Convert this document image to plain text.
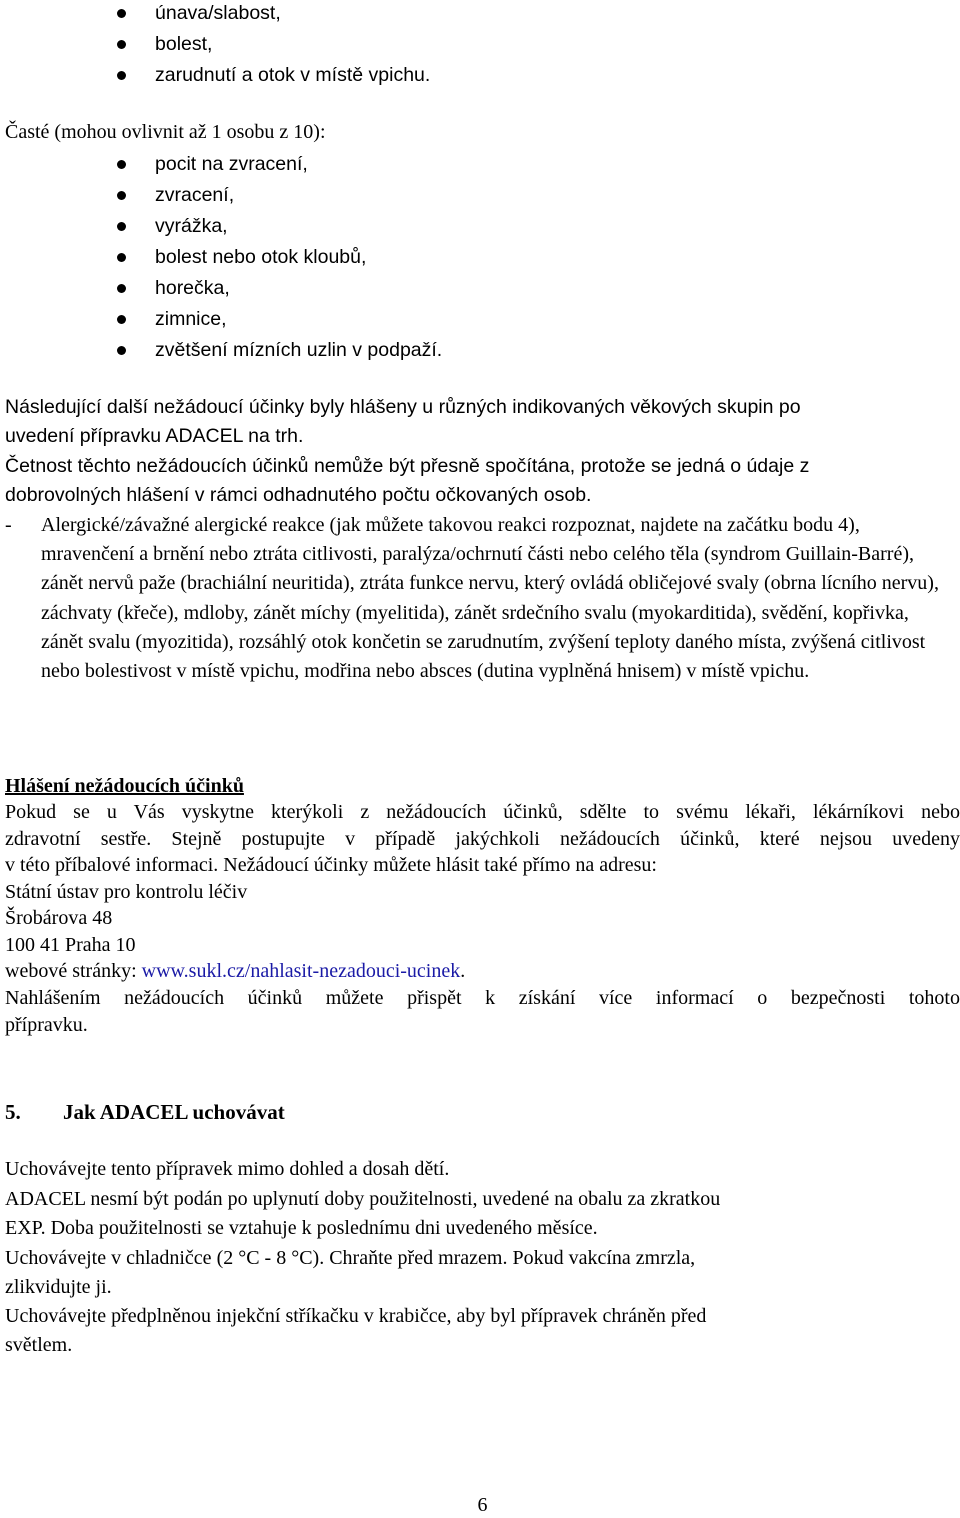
únava/slabost,
bolest,
zarudnutí a otok v místě vpichu.
Časté (mohou ovlivnit až 1 osobu z 10):
pocit na zvracení,
zvracení,
vyrážka,
bolest nebo otok kloubů,
horečka,
zimnice,
zvětšení mízních uzlin v podpaží.
Následující další nežádoucí účinky byly hlášeny u různých indikovaných věkových skupin po
uvedení přípravku ADACEL na trh.
Četnost těchto nežádoucích účinků nemůže být přesně spočítána, protože se jedná o údaje z
dobrovolných hlášení v rámci odhadnutého počtu očkovaných osob.
- Alergické/závažné alergické reakce (jak můžete takovou reakci rozpoznat, najdete na začátku bodu 4), mravenčení a brnění nebo ztráta citlivosti, paralýza/ochrnutí části nebo celého těla (syndrom Guillain-Barré), zánět nervů paže (brachiální neuritida), ztráta funkce nervu, který ovládá obličejové svaly (obrna lícního nervu), záchvaty (křeče), mdloby, zánět míchy (myelitida), zánět srdečního svalu (myokarditida), svědění, kopřivka, zánět svalu (myozitida), rozsáhlý otok končetin se zarudnutím, zvýšení teploty daného místa, zvýšená citlivost nebo bolestivost v místě vpichu, modřina nebo absces (dutina vyplněná hnisem) v místě vpichu.
Hlášení nežádoucích účinků
Pokud se u Vás vyskytne kterýkoli z nežádoucích účinků, sdělte to svému lékaři, lékárníkovi nebo
zdravotní sestře. Stejně postupujte v případě jakýchkoli nežádoucích účinků, které nejsou uvedeny
v této příbalové informaci. Nežádoucí účinky můžete hlásit také přímo na adresu:
Státní ústav pro kontrolu léčiv
Šrobárova 48
100 41 Praha 10
webové stránky: www.sukl.cz/nahlasit-nezadouci-ucinek.
Nahlášením nežádoucích účinků můžete přispět k získání více informací o bezpečnosti tohoto
přípravku.
5. Jak ADACEL uchovávat
Uchovávejte tento přípravek mimo dohled a dosah dětí.
ADACEL nesmí být podán po uplynutí doby použitelnosti, uvedené na obalu za zkratkou
EXP. Doba použitelnosti se vztahuje k poslednímu dni uvedeného měsíce.
Uchovávejte v chladničce (2 °C - 8 °C). Chraňte před mrazem. Pokud vakcína zmrzla,
zlikvidujte ji.
Uchovávejte předplněnou injekční stříkačku v krabičce, aby byl přípravek chráněn před
světlem.
6
